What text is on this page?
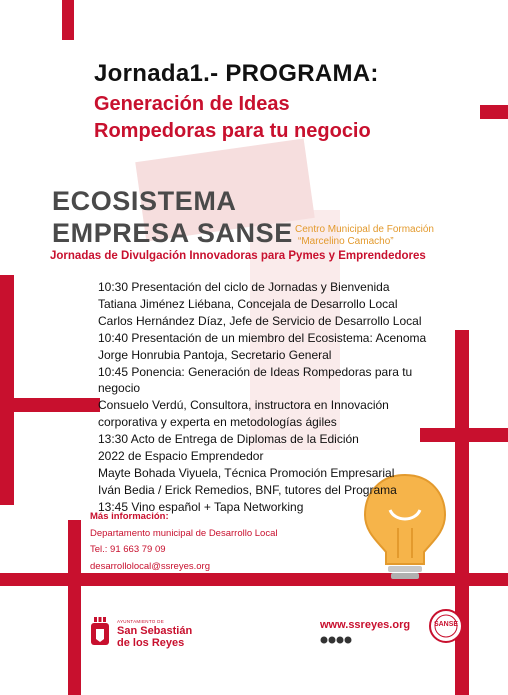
Jornada1.- PROGRAMA:
Generación de Ideas
Rompedoras para tu negocio
ECOSISTEMA
EMPRESA SANSE Centro Municipal de Formación
“Marcelino Camacho”
Jornadas de Divulgación Innovadoras para Pymes y Emprendedores
10:30 Presentación del ciclo de Jornadas y Bienvenida
Tatiana Jiménez Liébana, Concejala de Desarrollo Local
Carlos Hernández Díaz, Jefe de Servicio de Desarrollo Local
10:40 Presentación de un miembro del Ecosistema: Acenoma
Jorge Honrubia Pantoja, Secretario General
10:45 Ponencia: Generación de Ideas Rompedoras para tu
negocio
Consuelo Verdú, Consultora, instructora en Innovación
corporativa y experta en metodologías ágiles
13:30 Acto de Entrega de Diplomas de la Edición
2022 de Espacio Emprendedor
Mayte Bohada Viyuela, Técnica Promoción Empresarial
Iván Bedia / Erick Remedios, BNF, tutores del Programa
13:45 Vino español + Tapa Networking
Más información:
Departamento municipal de Desarrollo Local
Tel.: 91 663 79 09
desarrollolocal@ssreyes.org
AYUNTAMIENTO DE
San Sebastián
de los Reyes
www.ssreyes.org	SANSE
